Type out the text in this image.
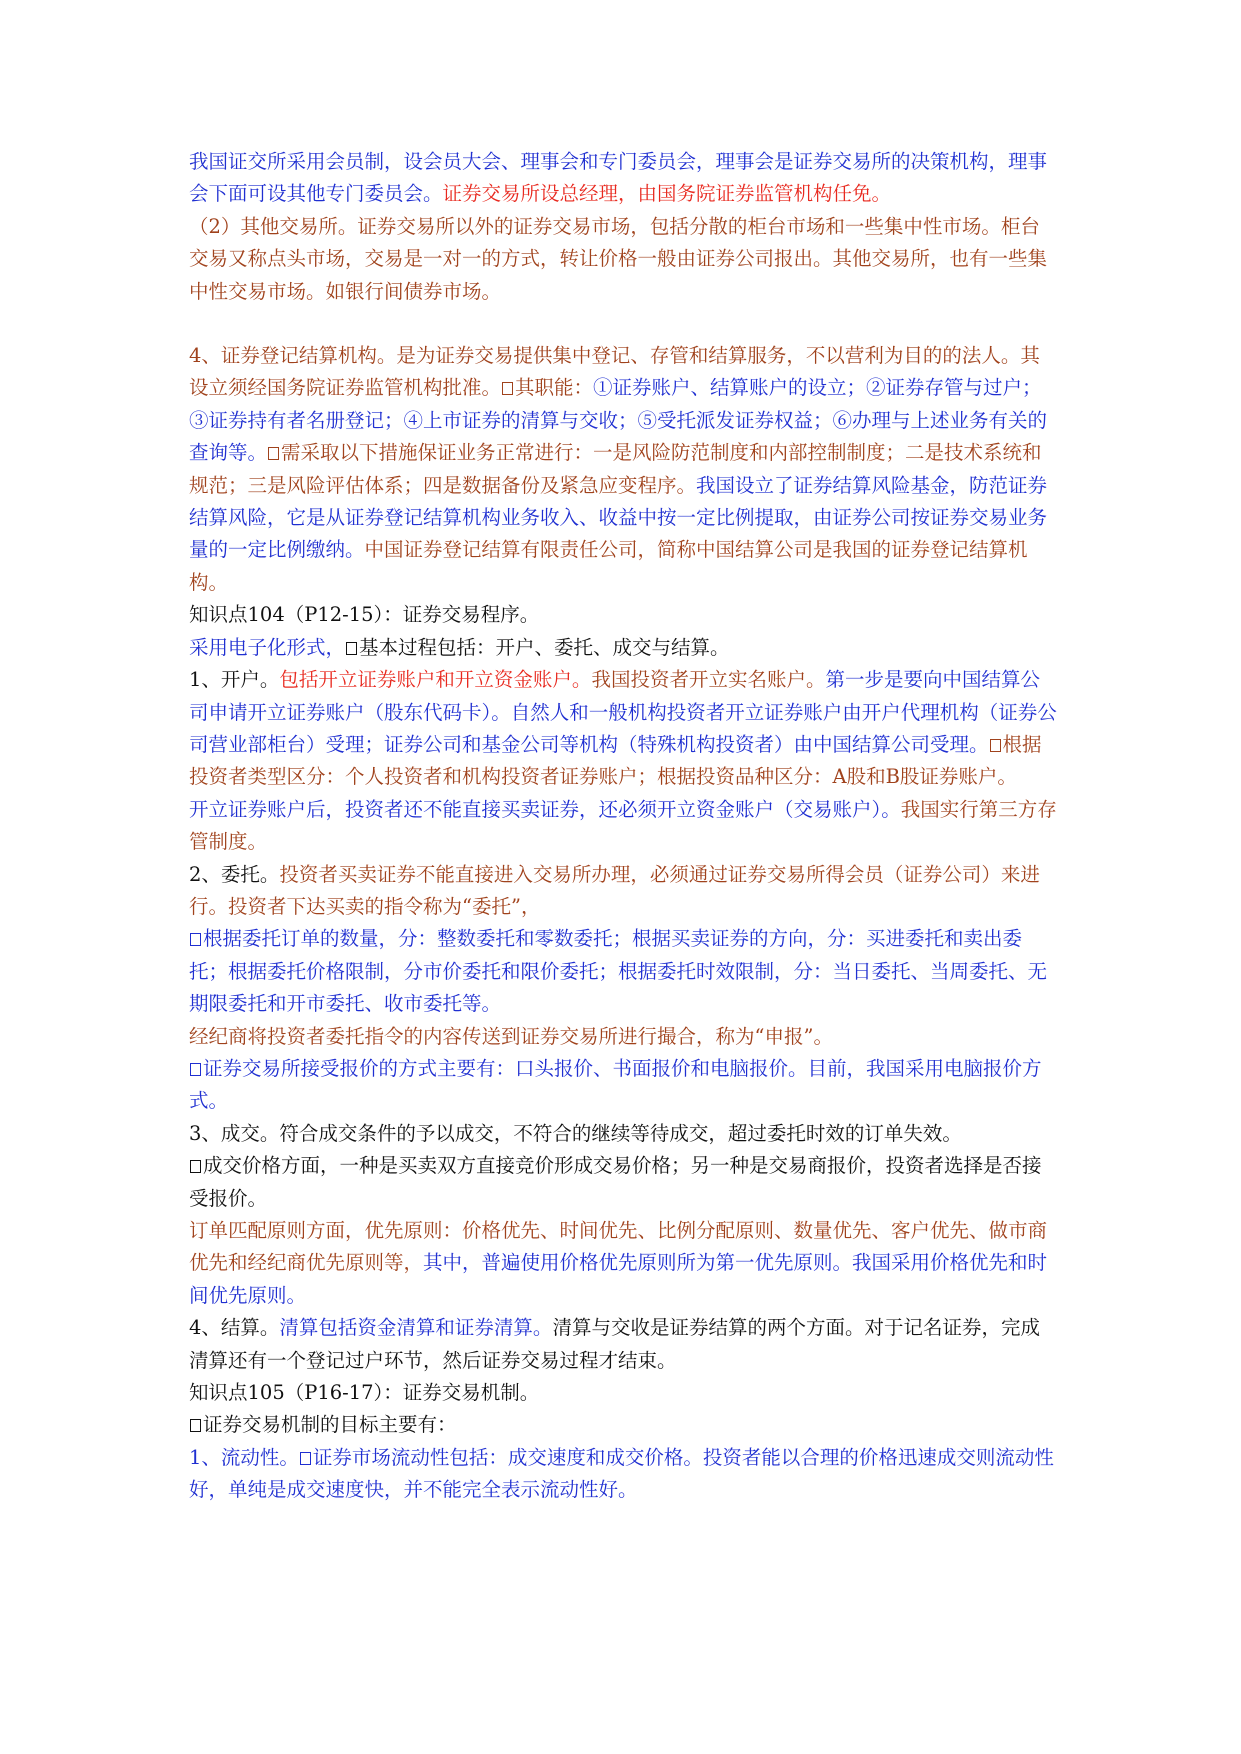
我国证交所采用会员制，设会员大会、理事会和专门委员会，理事会是证券交易所的决策机构，理事会下面可设其他专门委员会。证券交易所设总经理，由国务院证券监管机构任免。
（2）其他交易所。证券交易所以外的证券交易市场，包括分散的柜台市场和一些集中性市场。柜台交易又称点头市场，交易是一对一的方式，转让价格一般由证券公司报出。其他交易所，也有一些集中性交易市场。如银行间债券市场。
4、证券登记结算机构。是为证券交易提供集中登记、存管和结算服务，不以营利为目的的法人。其设立须经国务院证券监管机构批准。 其职能：①证券账户、结算账户的设立；②证券存管与过户；③证券持有者名册登记；④上市证券的清算与交收；⑤受托派发证券权益；⑥办理与上述业务有关的查询等。 需采取以下措施保证业务正常进行：一是风险防范制度和内部控制制度；二是技术系统和规范；三是风险评估体系；四是数据备份及紧急应变程序。我国设立了证券结算风险基金，防范证券结算风险，它是从证券登记结算机构业务收入、收益中按一定比例提取，由证券公司按证券交易业务量的一定比例缴纳。中国证券登记结算有限责任公司，简称中国结算公司是我国的证券登记结算机构。
知识点104（P12-15）：证券交易程序。
采用电子化形式， 基本过程包括：开户、委托、成交与结算。
1、开户。包括开立证券账户和开立资金账户。我国投资者开立实名账户。第一步是要向中国结算公司申请开立证券账户（股东代码卡）。自然人和一般机构投资者开立证券账户由开户代理机构（证券公司营业部柜台）受理；证券公司和基金公司等机构（特殊机构投资者）由中国结算公司受理。 根据投资者类型区分：个人投资者和机构投资者证券账户；根据投资品种区分：A股和B股证券账户。
开立证券账户后，投资者还不能直接买卖证券，还必须开立资金账户（交易账户）。我国实行第三方存管制度。
2、委托。投资者买卖证券不能直接进入交易所办理，必须通过证券交易所得会员（证券公司）来进行。投资者下达买卖的指令称为“委托”，
根据委托订单的数量，分：整数委托和零数委托；根据买卖证券的方向，分：买进委托和卖出委托；根据委托价格限制，分市价委托和限价委托；根据委托时效限制，分：当日委托、当周委托、无期限委托和开市委托、收市委托等。
经纪商将投资者委托指令的内容传送到证券交易所进行撮合，称为“申报”。
证券交易所接受报价的方式主要有：口头报价、书面报价和电脑报价。目前，我国采用电脑报价方式。
3、成交。符合成交条件的予以成交，不符合的继续等待成交，超过委托时效的订单失效。
成交价格方面，一种是买卖双方直接竞价形成交易价格；另一种是交易商报价，投资者选择是否接受报价。
订单匹配原则方面，优先原则：价格优先、时间优先、比例分配原则、数量优先、客户优先、做市商优先和经纪商优先原则等，其中，普遍使用价格优先原则所为第一优先原则。我国采用价格优先和时间优先原则。
4、结算。清算包括资金清算和证券清算。清算与交收是证券结算的两个方面。对于记名证券，完成清算还有一个登记过户环节，然后证券交易过程才结束。
知识点105（P16-17）：证券交易机制。
证券交易机制的目标主要有：
1、流动性。 证券市场流动性包括：成交速度和成交价格。投资者能以合理的价格迅速成交则流动性好，单纯是成交速度快，并不能完全表示流动性好。
